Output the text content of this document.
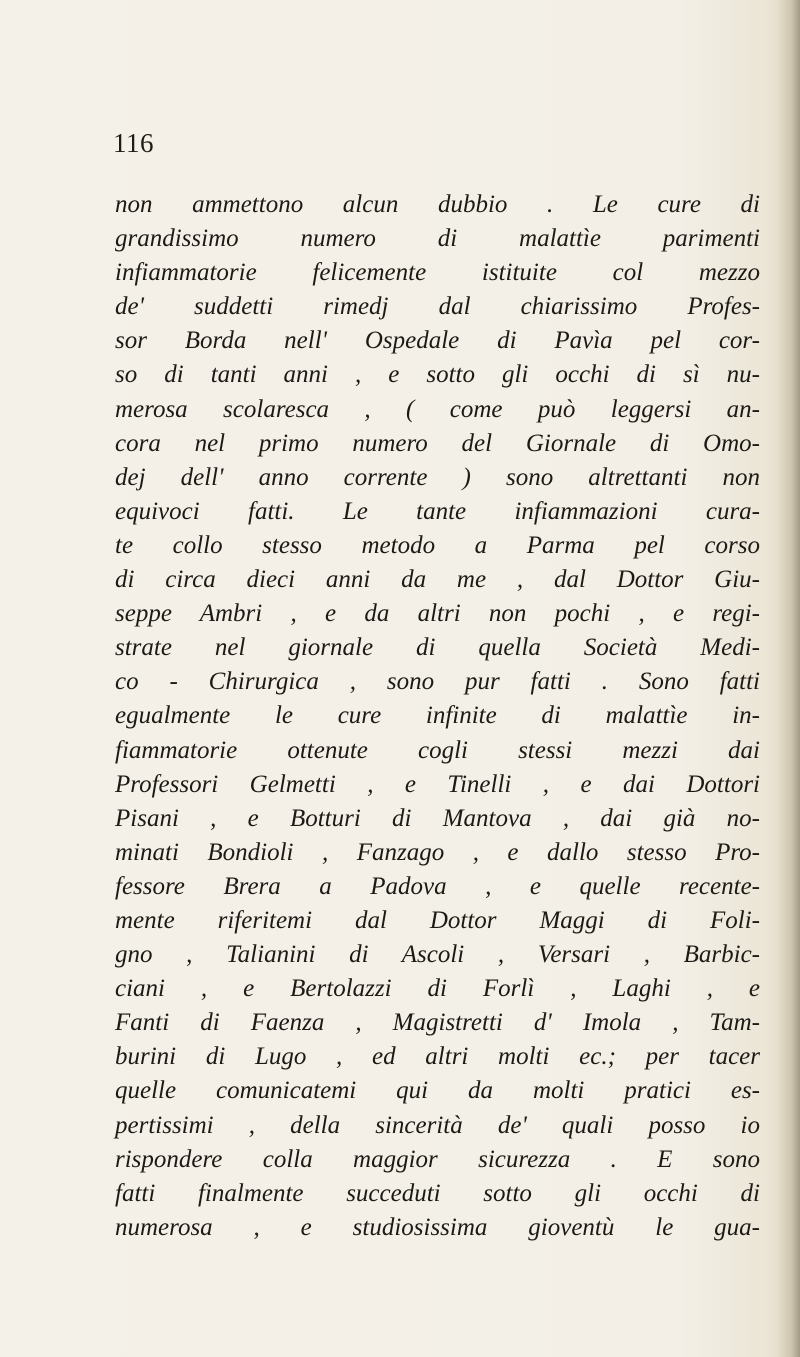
116
non ammettono alcun dubbio . Le cure di
grandissimo numero di malattìe parimenti
infiammatorie felicemente istituite col mezzo
de' suddetti rimedj dal chiarissimo Profes-
sor Borda nell' Ospedale di Pavìa pel cor-
so di tanti anni , e sotto gli occhi di sì nu-
merosa scolaresca , ( come può leggersi an-
cora nel primo numero del Giornale di Omo-
dej dell' anno corrente ) sono altrettanti non
equivoci fatti. Le tante infiammazioni cura-
te collo stesso metodo a Parma pel corso
di circa dieci anni da me , dal Dottor Giu-
seppe Ambri , e da altri non pochi , e regi-
strate nel giornale di quella Società Medi-
co - Chirurgica , sono pur fatti . Sono fatti
egualmente le cure infinite di malattìe in-
fiammatorie ottenute cogli stessi mezzi dai
Professori Gelmetti , e Tinelli , e dai Dottori
Pisani , e Botturi di Mantova , dai già no-
minati Bondioli , Fanzago , e dallo stesso Pro-
fessore Brera a Padova , e quelle recente-
mente riferitemi dal Dottor Maggi di Foli-
gno , Talianini di Ascoli , Versari , Barbic-
ciani , e Bertolazzi di Forlì , Laghi , e
Fanti di Faenza , Magistretti d' Imola , Tam-
burini di Lugo , ed altri molti ec.; per tacer
quelle comunicatemi qui da molti pratici es-
pertissimi , della sincerità de' quali posso io
rispondere colla maggior sicurezza . E sono
fatti finalmente succeduti sotto gli occhi di
numerosa , e studiosissima gioventù le gua-
